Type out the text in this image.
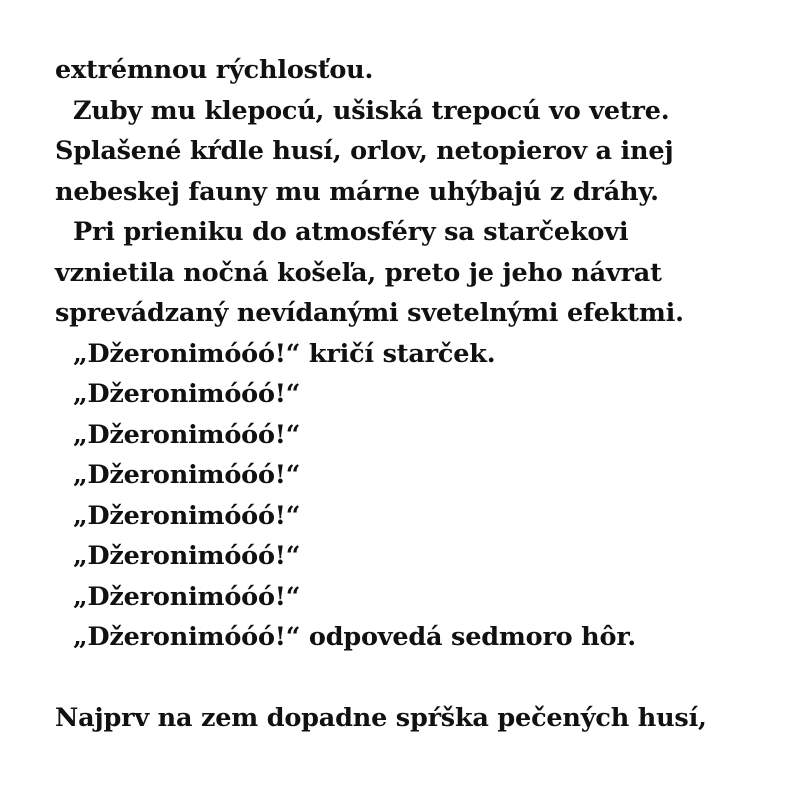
extrémnou rýchlosťou.
Zuby mu klepocú, ušiská trepocú vo vetre.
Splašené kŕdle husí, orlov, netopierov a inej
nebeskej fauny mu márne uhýbajú z dráhy.
Pri prieniku do atmosféry sa starčekovi
vznietila nočná košeľa, preto je jeho návrat
sprevádzaný nevídanými svetelnými efektmi.
„Džeronimóóó!“ kričí starček.
„Džeronimóóó!“
„Džeronimóóó!“
„Džeronimóóó!“
„Džeronimóóó!“
„Džeronimóóó!“
„Džeronimóóó!“
„Džeronimóóó!“ odpovedá sedmoro hôr.
Najprv na zem dopadne spŕška pečených husí,
